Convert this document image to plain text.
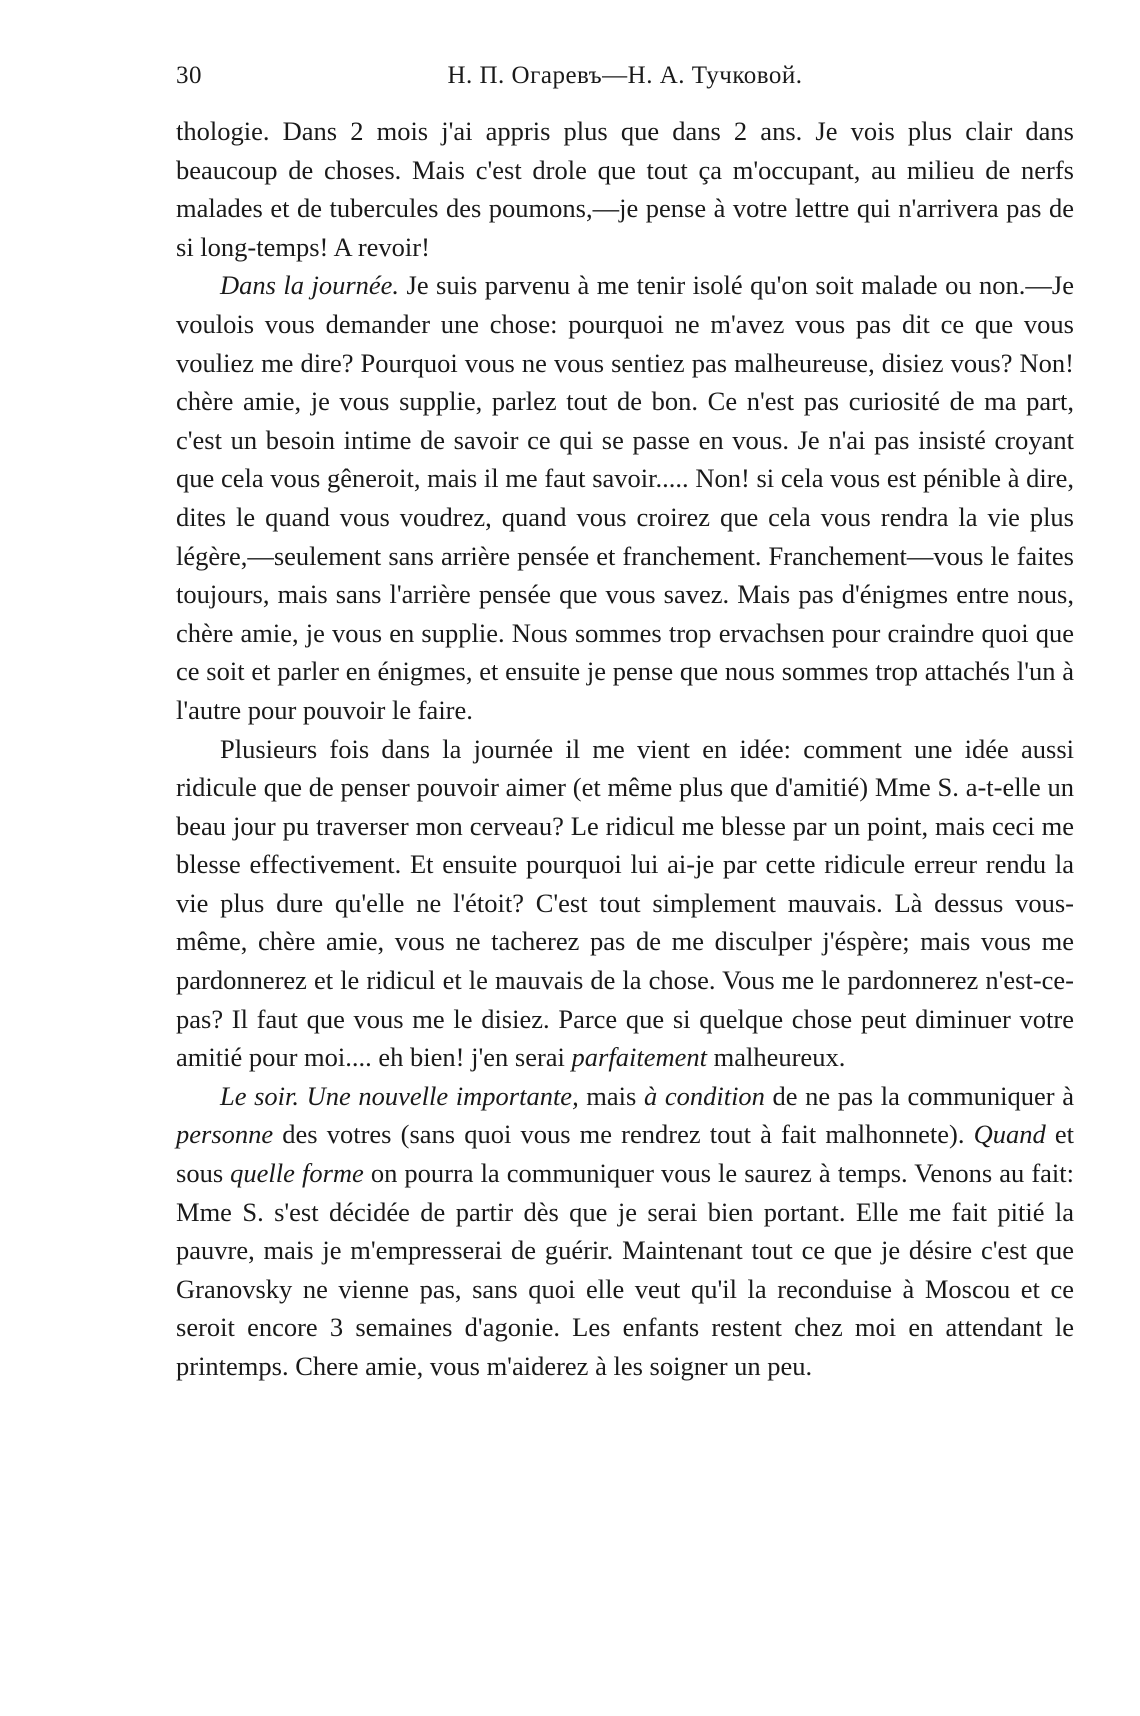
30	Н. П. Огаревъ—Н. А. Тучковой.

thologie. Dans 2 mois j'ai appris plus que dans 2 ans. Je vois plus clair dans beaucoup de choses. Mais c'est drole que tout ça m'occupant, au milieu de nerfs malades et de tubercules des poumons,—je pense à votre lettre qui n'arrivera pas de si long-temps! A revoir!

Dans la journée. Je suis parvenu à me tenir isolé qu'on soit malade ou non.—Je voulois vous demander une chose: pourquoi ne m'avez vous pas dit ce que vous vouliez me dire? Pourquoi vous ne vous sentiez pas malheureuse, disiez vous? Non! chère amie, je vous supplie, parlez tout de bon. Ce n'est pas curiosité de ma part, c'est un besoin intime de savoir ce qui se passe en vous. Je n'ai pas insisté croyant que cela vous gêneroit, mais il me faut savoir..... Non! si cela vous est pénible à dire, dites le quand vous voudrez, quand vous croirez que cela vous rendra la vie plus légère,—seulement sans arrière pensée et franchement. Franchement—vous le faites toujours, mais sans l'arrière pensée que vous savez. Mais pas d'énigmes entre nous, chère amie, je vous en supplie. Nous sommes trop ervachsen pour craindre quoi que ce soit et parler en énigmes, et ensuite je pense que nous sommes trop attachés l'un à l'autre pour pouvoir le faire.

Plusieurs fois dans la journée il me vient en idée: comment une idée aussi ridicule que de penser pouvoir aimer (et même plus que d'amitié) Mme S. a-t-elle un beau jour pu traverser mon cerveau? Le ridicul me blesse par un point, mais ceci me blesse effectivement. Et ensuite pourquoi lui ai-je par cette ridicule erreur rendu la vie plus dure qu'elle ne l'étoit? C'est tout simplement mauvais. Là dessus vous-même, chère amie, vous ne tacherez pas de me disculper j'éspère; mais vous me pardonnerez et le ridicul et le mauvais de la chose. Vous me le pardonnerez n'est-ce-pas? Il faut que vous me le disiez. Parce que si quelque chose peut diminuer votre amitié pour moi.... eh bien! j'en serai parfaitement malheureux.

Le soir. Une nouvelle importante, mais à condition de ne pas la communiquer à personne des votres (sans quoi vous me rendrez tout à fait malhonnete). Quand et sous quelle forme on pourra la communiquer vous le saurez à temps. Venons au fait: Mme S. s'est décidée de partir dès que je serai bien portant. Elle me fait pitié la pauvre, mais je m'empresserai de guérir. Maintenant tout ce que je désire c'est que Granovsky ne vienne pas, sans quoi elle veut qu'il la reconduise à Moscou et ce seroit encore 3 semaines d'agonie. Les enfants restent chez moi en attendant le printemps. Chere amie, vous m'aiderez à les soigner un peu.
